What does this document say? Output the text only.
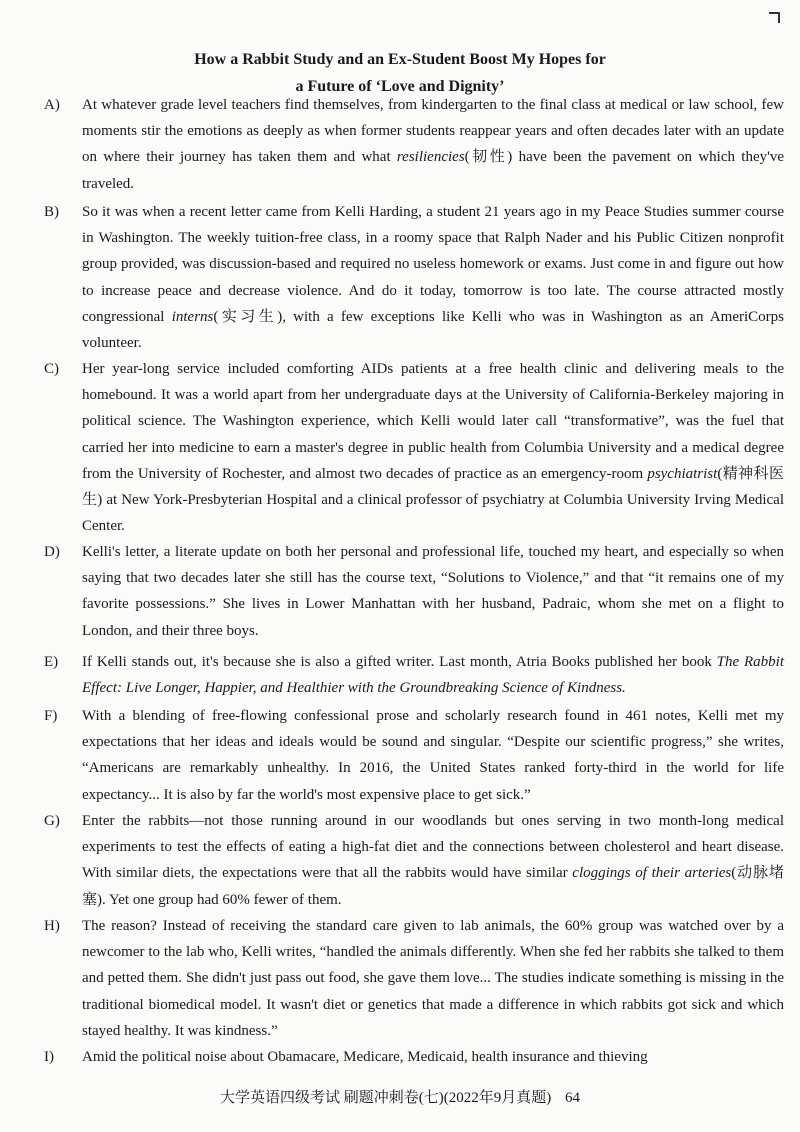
How a Rabbit Study and an Ex-Student Boost My Hopes for
a Future of ‘Love and Dignity’
A) At whatever grade level teachers find themselves, from kindergarten to the final class at medical or law school, few moments stir the emotions as deeply as when former students reappear years and often decades later with an update on where their journey has taken them and what resiliencies(韧性) have been the pavement on which they've traveled.
B) So it was when a recent letter came from Kelli Harding, a student 21 years ago in my Peace Studies summer course in Washington. The weekly tuition-free class, in a roomy space that Ralph Nader and his Public Citizen nonprofit group provided, was discussion-based and required no useless homework or exams. Just come in and figure out how to increase peace and decrease violence. And do it today, tomorrow is too late. The course attracted mostly congressional interns(实习生), with a few exceptions like Kelli who was in Washington as an AmeriCorps volunteer.
C) Her year-long service included comforting AIDs patients at a free health clinic and delivering meals to the homebound. It was a world apart from her undergraduate days at the University of California-Berkeley majoring in political science. The Washington experience, which Kelli would later call “transformative”, was the fuel that carried her into medicine to earn a master's degree in public health from Columbia University and a medical degree from the University of Rochester, and almost two decades of practice as an emergency-room psychiatrist(精神科医生) at New York-Presbyterian Hospital and a clinical professor of psychiatry at Columbia University Irving Medical Center.
D) Kelli's letter, a literate update on both her personal and professional life, touched my heart, and especially so when saying that two decades later she still has the course text, “Solutions to Violence,” and that “it remains one of my favorite possessions.” She lives in Lower Manhattan with her husband, Padraic, whom she met on a flight to London, and their three boys.
E) If Kelli stands out, it's because she is also a gifted writer. Last month, Atria Books published her book The Rabbit Effect: Live Longer, Happier, and Healthier with the Groundbreaking Science of Kindness.
F) With a blending of free-flowing confessional prose and scholarly research found in 461 notes, Kelli met my expectations that her ideas and ideals would be sound and singular. “Despite our scientific progress,” she writes, “Americans are remarkably unhealthy. In 2016, the United States ranked forty-third in the world for life expectancy... It is also by far the world's most expensive place to get sick.”
G) Enter the rabbits—not those running around in our woodlands but ones serving in two month-long medical experiments to test the effects of eating a high-fat diet and the connections between cholesterol and heart disease. With similar diets, the expectations were that all the rabbits would have similar cloggings of their arteries(动脉堵塞). Yet one group had 60% fewer of them.
H) The reason? Instead of receiving the standard care given to lab animals, the 60% group was watched over by a newcomer to the lab who, Kelli writes, “handled the animals differently. When she fed her rabbits she talked to them and petted them. She didn't just pass out food, she gave them love... The studies indicate something is missing in the traditional biomedical model. It wasn't diet or genetics that made a difference in which rabbits got sick and which stayed healthy. It was kindness.”
I) Amid the political noise about Obamacare, Medicare, Medicaid, health insurance and thieving
大学英语四级考试 刷题冲刺卷(七)(2022年9月真题) 64
